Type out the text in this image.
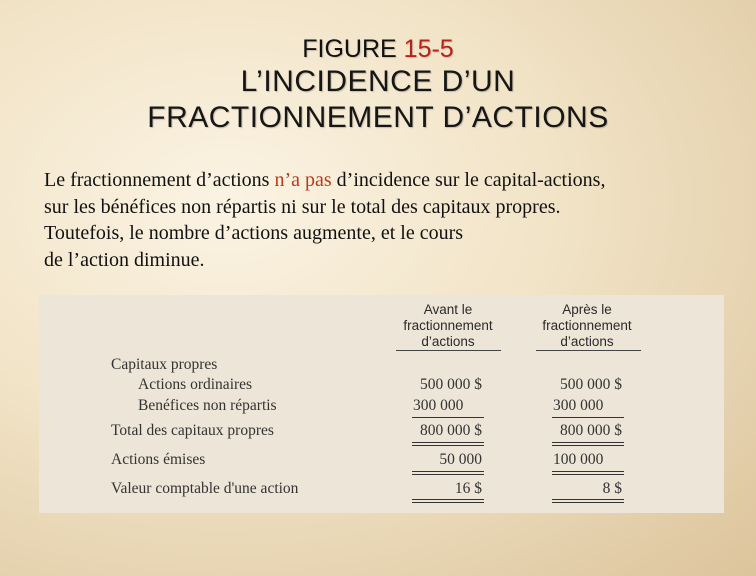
FIGURE 15-5
L’INCIDENCE D’UN
FRACTIONNEMENT D’ACTIONS
Le fractionnement d’actions n’a pas d’incidence sur le capital-actions,
sur les bénéfices non répartis ni sur le total des capitaux propres.
Toutefois, le nombre d’actions augmente, et le cours
de l’action diminue.
Avant le
fractionnement
d’actions
Après le
fractionnement
d’actions
Capitaux propres
Actions ordinaires	500 000 $	500 000 $
Benéfices non répartis	300 000	300 000
Total des capitaux propres	800 000 $	800 000 $
Actions émises	50 000	100 000
Valeur comptable d'une action	16 $	8 $
